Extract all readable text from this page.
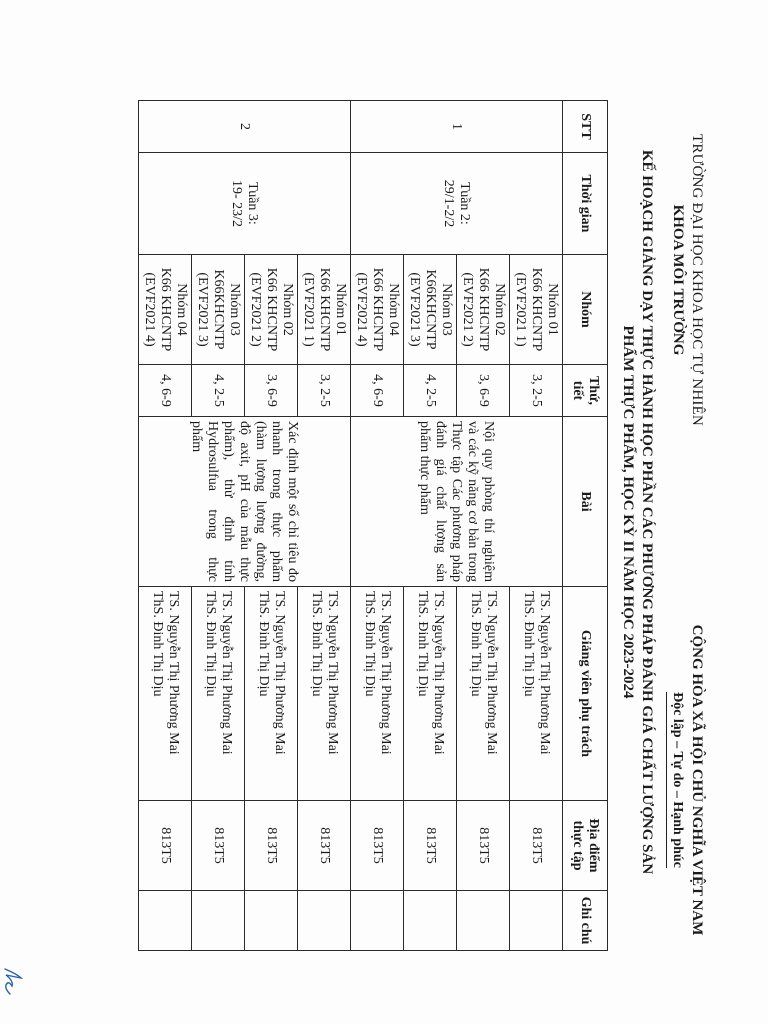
TRƯỜNG ĐẠI HỌC KHOA HỌC TỰ NHIÊN
KHOA MÔI TRƯỜNG
CỘNG HÒA XÃ HỘI CHỦ NGHĨA VIỆT NAM
Độc lập – Tự do – Hạnh phúc
KẾ HOẠCH GIẢNG DẠY THỰC HÀNH HỌC PHẦN CÁC PHƯƠNG PHÁP ĐÁNH GIÁ CHẤT LƯỢNG SẢN
PHẨM THỰC PHẨM, HỌC KỲ II NĂM HỌC 2023-2024
STT	Thời gian	Nhóm	Thứ,
tiết	Bài	Giảng viên phụ trách	Địa điểm
thực tập	Ghi chú
1	Tuần 2:
29/1-2/2	Nhóm 01
K66 KHCNTP
(EVF2021 1)	3, 2-5	Nội quy phòng thí nghiệm và các kỹ năng cơ bản trong Thực tập Các phương pháp đánh giá chất lượng sản phẩm thực phẩm	TS. Nguyễn Thị Phương Mai
ThS. Đinh Thị Dịu	813T5	
		Nhóm 02
K66 KHCNTP
(EVF2021 2)	3, 6-9		TS. Nguyễn Thị Phương Mai
ThS. Đinh Thị Dịu	813T5	
		Nhóm 03
K66KHCNTP
(EVF2021 3)	4, 2-5		TS. Nguyễn Thị Phương Mai
ThS. Đinh Thị Dịu	813T5	
		Nhóm 04
K66 KHCNTP
(EVF2021 4)	4, 6-9		TS. Nguyễn Thị Phương Mai
ThS. Đinh Thị Dịu	813T5	
2	Tuần 3:
19- 23/2	Nhóm 01
K66 KHCNTP
(EVF2021 1)	3, 2-5	Xác định một số chỉ tiêu đo nhanh trong thực phẩm (hàm lượng lượng đường, độ axit, pH của mẫu thực phẩm), thử định tính Hydrosulfua trong thực phẩm	TS. Nguyễn Thị Phương Mai
ThS. Đinh Thị Dịu	813T5	
		Nhóm 02
K66 KHCNTP
(EVF2021 2)	3, 6-9		TS. Nguyễn Thị Phương Mai
ThS. Đinh Thị Dịu	813T5	
		Nhóm 03
K66KHCNTP
(EVF2021 3)	4, 2-5		TS. Nguyễn Thị Phương Mai
ThS. Đinh Thị Dịu	813T5	
		Nhóm 04
K66 KHCNTP
(EVF2021 4)	4, 6-9		TS. Nguyễn Thị Phương Mai
ThS. Đinh Thị Dịu	813T5	
